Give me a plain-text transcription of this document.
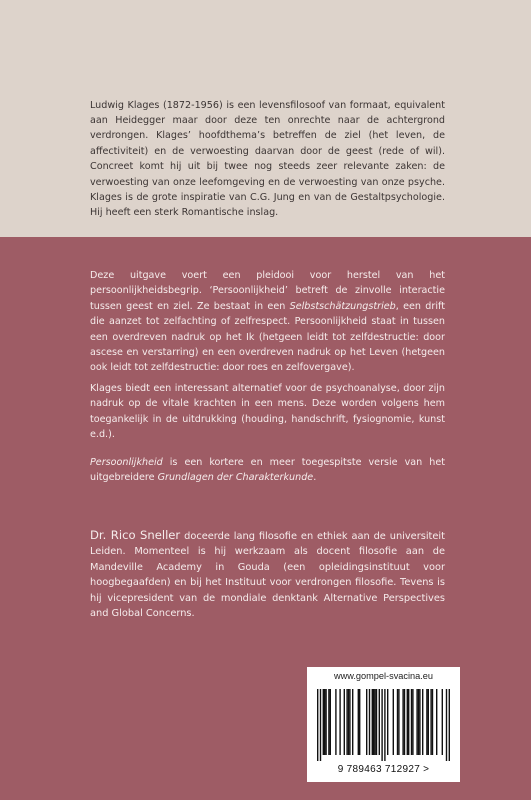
Ludwig Klages (1872-1956) is een levensfilosoof van formaat, equivalent aan Heidegger maar door deze ten onrechte naar de achtergrond verdrongen. Klages’ hoofdthema’s betreffen de ziel (het leven, de affectiviteit) en de verwoesting daarvan door de geest (rede of wil). Concreet komt hij uit bij twee nog steeds zeer relevante zaken: de verwoesting van onze leefomgeving en de verwoesting van onze psyche. Klages is de grote inspiratie van C.G. Jung en van de Gestaltpsychologie. Hij heeft een sterk Romantische inslag.

Deze uitgave voert een pleidooi voor herstel van het persoonlijkheidsbegrip. ‘Persoonlijkheid’ betreft de zinvolle interactie tussen geest en ziel. Ze bestaat in een Selbstschätzungstrieb, een drift die aanzet tot zelfachting of zelfrespect. Persoonlijkheid staat in tussen een overdreven nadruk op het Ik (hetgeen leidt tot zelfdestructie: door ascese en verstarring) en een overdreven nadruk op het Leven (hetgeen ook leidt tot zelfdestructie: door roes en zelfovergave).

Klages biedt een interessant alternatief voor de psychoanalyse, door zijn nadruk op de vitale krachten in een mens. Deze worden volgens hem toegankelijk in de uitdrukking (houding, handschrift, fysiognomie, kunst e.d.).

Persoonlijkheid is een kortere en meer toegespitste versie van het uitgebreidere Grundlagen der Charakterkunde.

Dr. Rico Sneller doceerde lang filosofie en ethiek aan de universiteit Leiden. Momenteel is hij werkzaam als docent filosofie aan de Mandeville Academy in Gouda (een opleidingsinstituut voor hoogbegaafden) en bij het Instituut voor verdrongen filosofie. Tevens is hij vicepresident van de mondiale denktank Alternative Perspectives and Global Concerns.

www.gompel-svacina.eu
9 789463 712927 >
